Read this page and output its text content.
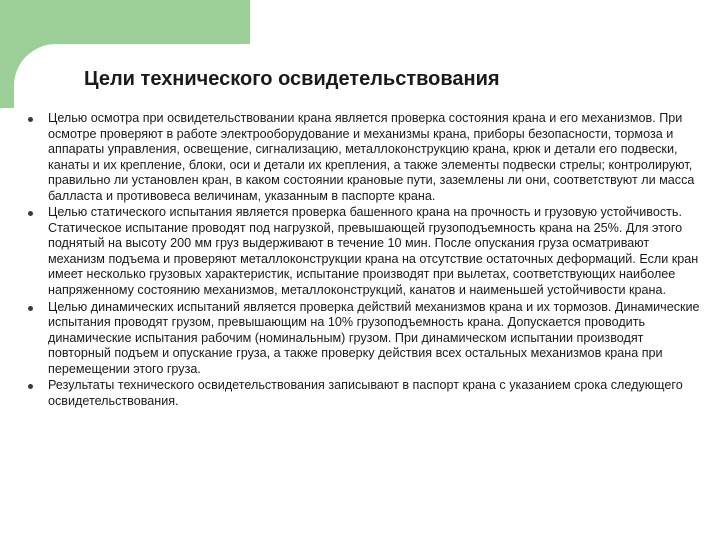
Цели технического освидетельствования
Целью осмотра при освидетельствовании крана является проверка состояния крана и его механизмов. При осмотре проверяют в работе электрооборудование и механизмы крана, приборы безопасности, тормоза и аппараты управления, освещение, сигнализацию, металлоконструкцию крана, крюк и детали его подвески, канаты и их крепление, блоки, оси и детали их крепления, а также элементы подвески стрелы; контролируют, правильно ли установлен кран, в каком состоянии крановые пути, заземлены ли они, соответствуют ли масса балласта и противовеса величинам, указанным в паспорте крана.
Целью статического испытания является проверка башенного крана на прочность и грузовую устойчивость. Статическое испытание проводят под нагрузкой, превышающей грузоподъемность крана на 25%. Для этого поднятый на высоту 200 мм груз выдерживают в течение 10 мин. После опускания груза осматривают механизм подъема и проверяют металлоконструкции крана на отсутствие остаточных деформаций. Если кран имеет несколько грузовых характеристик, испытание производят при вылетах, соответствующих наиболее напряженному состоянию механизмов, металлоконструкций, канатов и наименьшей устойчивости крана.
Целью динамических испытаний является проверка действий механизмов крана и их тормозов. Динамические испытания проводят грузом, превышающим на 10% грузоподъемность крана. Допускается проводить динамические испытания рабочим (номинальным) грузом. При динамическом испытании производят повторный подъем и опускание груза, а также проверку действия всех остальных механизмов крана при перемещении этого груза.
Результаты технического освидетельствования записывают в паспорт крана с указанием срока следующего освидетельствования.
